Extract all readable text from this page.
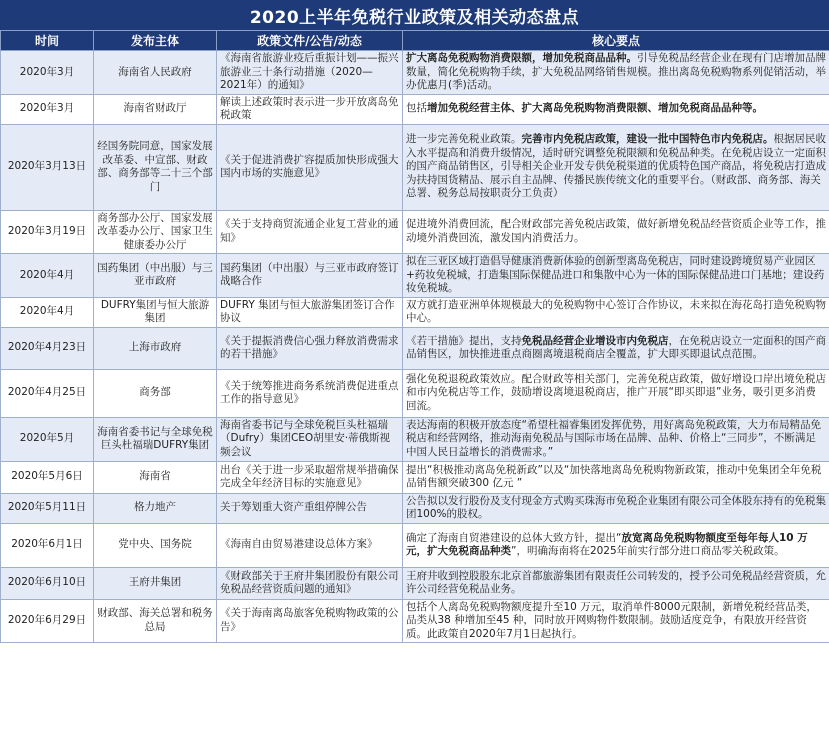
2020上半年免税行业政策及相关动态盘点
时间	发布主体	政策文件/公告/动态	核心要点
2020年3月	海南省人民政府	《海南省旅游业疫后重振计划——振兴旅游业三十条行动措施（2020—2021年）的通知》	扩大离岛免税购物消费限额，增加免税商品品种。引导免税品经营企业在现有门店增加品牌数量，简化免税购物手续，扩大免税品网络销售规模。推出离岛免税购物系列促销活动，举办优惠月(季)活动。
2020年3月	海南省财政厅	解读上述政策时表示进一步开放离岛免税政策	包括增加免税经营主体、扩大离岛免税购物消费限额、增加免税商品品种等。
2020年3月13日	经国务院同意，国家发展改革委、中宣部、财政部、商务部等二十三个部门	《关于促进消费扩容提质加快形成强大国内市场的实施意见》	进一步完善免税业政策。完善市内免税店政策，建设一批中国特色市内免税店。根据居民收入水平提高和消费升级情况，适时研究调整免税限额和免税品种类。在免税店设立一定面积的国产商品销售区，引导相关企业开发专供免税渠道的优质特色国产商品，将免税店打造成为扶持国货精品、展示自主品牌、传播民族传统文化的重要平台。（财政部、商务部、海关总署、税务总局按职责分工负责）
2020年3月19日	商务部办公厅、国家发展改革委办公厅、国家卫生健康委办公厅	《关于支持商贸流通企业复工营业的通知》	促进境外消费回流，配合财政部完善免税店政策，做好新增免税品经营资质企业等工作，推动境外消费回流，激发国内消费活力。
2020年4月	国药集团（中出服）与三亚市政府	国药集团（中出服）与三亚市政府签订战略合作	拟在三亚区域打造倡导健康消费新体验的创新型离岛免税店，同时建设跨境贸易产业园区+药妆免税城，打造集国际保健品进口和集散中心为一体的国际保健品进口门基地；建设药妆免税城。
2020年4月	DUFRY集团与恒大旅游集团	DUFRY 集团与恒大旅游集团签订合作协议	双方就打造亚洲单体规模最大的免税购物中心签订合作协议，未来拟在海花岛打造免税购物中心。
2020年4月23日	上海市政府	《关于提振消费信心强力释放消费需求的若干措施》	《若干措施》提出，支持免税品经营企业增设市内免税店，在免税店设立一定面积的国产商品销售区，加快推进重点商圈离境退税商店全覆盖，扩大即买即退试点范围。
2020年4月25日	商务部	《关于统筹推进商务系统消费促进重点工作的指导意见》	强化免税退税政策效应。配合财政等相关部门，完善免税店政策，做好增设口岸出境免税店和市内免税店等工作，鼓励增设离境退税商店，推广开展“即买即退”业务，吸引更多消费回流。
2020年5月	海南省委书记与全球免税巨头杜福瑞DUFRY集团	海南省委书记与全球免税巨头杜福瑞（Dufry）集团CEO胡里安·蒂俄斯视频会议	表达海南的积极开放态度“希望杜福睿集团发挥优势，用好离岛免税政策，大力布局精品免税店和经营网络，推动海南免税品与国际市场在品牌、品种、价格上“三同步”，不断满足中国人民日益增长的消费需求。”
2020年5月6日	海南省	出台《关于进一步采取超常规举措确保完成全年经济目标的实施意见》	提出“积极推动离岛免税新政”以及“加快落地离岛免税购物新政策，推动中免集团全年免税品销售额突破300 亿元 ”
2020年5月11日	格力地产	关于筹划重大资产重组停牌公告	公告拟以发行股份及支付现金方式购买珠海市免税企业集团有限公司全体股东持有的免税集团100%的股权。
2020年6月1日	党中央、国务院	《海南自由贸易港建设总体方案》	确定了海南自贸港建设的总体大致方针，提出“放宽离岛免税购物额度至每年每人10 万元，扩大免税商品种类”，明确海南将在2025年前实行部分进口商品零关税政策。
2020年6月10日	王府井集团	《财政部关于王府井集团股份有限公司免税品经营资质问题的通知》	王府井收到控股股东北京首都旅游集团有限责任公司转发的，授予公司免税品经营资质，允许公司经营免税品业务。
2020年6月29日	财政部、海关总署和税务总局	《关于海南离岛旅客免税购物政策的公告》	包括个人离岛免税购物额度提升至10 万元，取消单件8000元限制，新增免税经营品类，品类从38 种增加至45 种，同时放开网购物件数限制。鼓励适度竞争，有限放开经营资质。此政策自2020年7月1日起执行。
